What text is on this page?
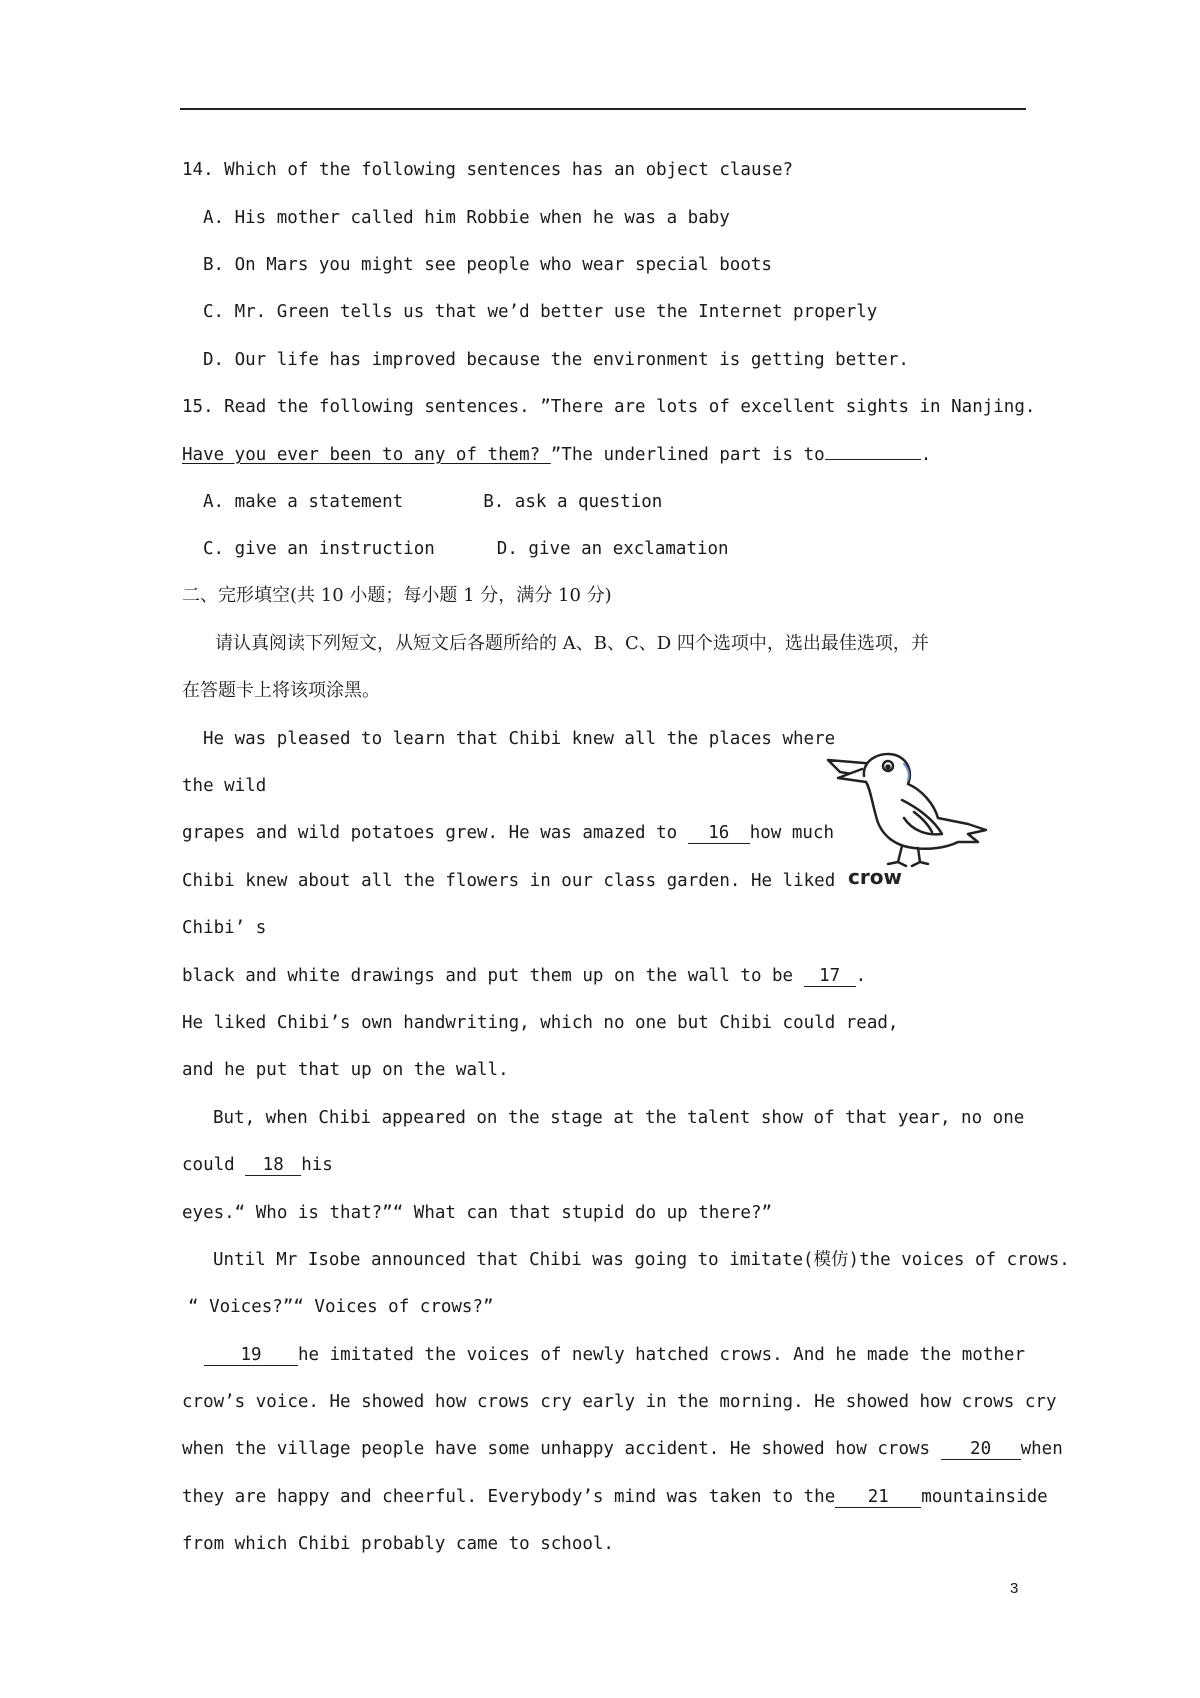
14. Which of the following sentences has an object clause?
A. His mother called him Robbie when he was a baby
B. On Mars you might see people who wear special boots
C. Mr. Green tells us that we’d better use the Internet properly
D. Our life has improved because the environment is getting better.
15. Read the following sentences. ”There are lots of excellent sights in Nanjing.
Have you ever been to any of them? ”The underlined part is to	.
A. make a statement	B. ask a question
C. give an instruction	D. give an exclamation
二、完形填空(共 10 小题；每小题 1 分，满分 10 分)
请认真阅读下列短文，从短文后各题所给的 A、B、C、D 四个选项中，选出最佳选项，并
在答题卡上将该项涂黑。
He was pleased to learn that Chibi knew all the places where
the wild
grapes and wild potatoes grew. He was amazed to 16 how much
Chibi knew about all the flowers in our class garden. He liked
Chibi’ s
black and white drawings and put them up on the wall to be 17 .
He liked Chibi’s own handwriting, which no one but Chibi could read,
and he put that up on the wall.
But, when Chibi appeared on the stage at the talent show of that year, no one
could 18 his
eyes.“ Who is that?”“ What can that stupid do up there?”
Until Mr Isobe announced that Chibi was going to imitate(模仿)the voices of crows.
“ Voices?”“ Voices of crows?”
19 he imitated the voices of newly hatched crows. And he made the mother
crow’s voice. He showed how crows cry early in the morning. He showed how crows cry
when the village people have some unhappy accident. He showed how crows 20 when
they are happy and cheerful. Everybody’s mind was taken to the 21 mountainside
from which Chibi probably came to school.
crow
3
